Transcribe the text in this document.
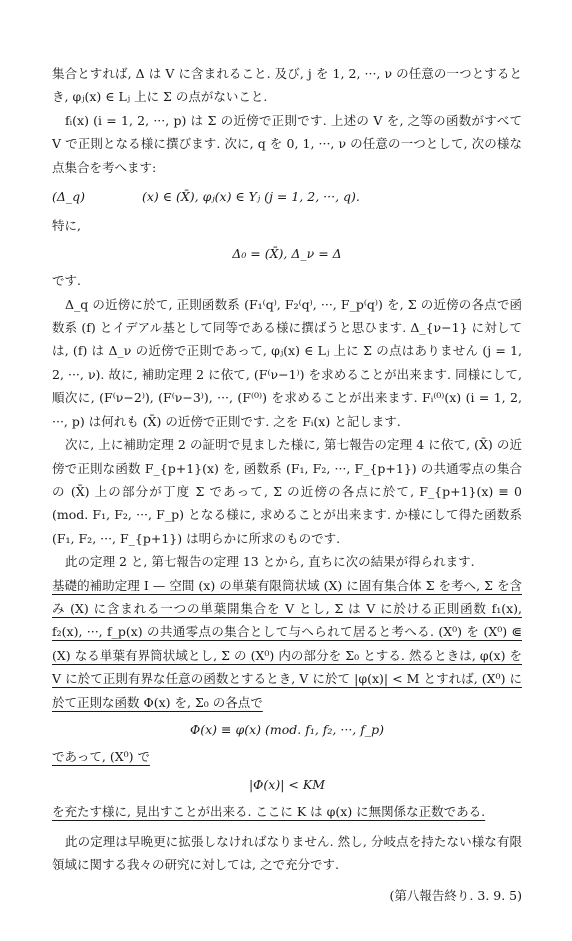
集合とすれば, Δ は V に含まれること. 及び, j を 1, 2, ···, ν の任意の一つとするとき, φⱼ(x) ∈ Lⱼ 上に Σ の点がないこと.

fᵢ(x) (i = 1, 2, ···, p) は Σ の近傍で正則です. 上述の V を, 之等の函数がすべて V で正則となる様に撰びます. 次に, q を 0, 1, ···, ν の任意の一つとして, 次の様な点集合を考へます:

(Δ_q)	(x) ∈ (X̄), φⱼ(x) ∈ Yⱼ (j = 1, 2, ···, q).

特に,

Δ₀ = (X̄), Δ_ν = Δ

です.

Δ_q の近傍に於て, 正則函数系 (F₁⁽q⁾, F₂⁽q⁾, ···, F_p⁽q⁾) を, Σ の近傍の各点で函数系 (f) とイデアル基として同等である様に撰ばうと思ひます. Δ_{ν−1} に対しては, (f) は Δ_ν の近傍で正則であって, φⱼ(x) ∈ Lⱼ 上に Σ の点はありません (j = 1, 2, ···, ν). 故に, 補助定理 2 に依て, (F⁽ν−1⁾) を求めることが出来ます. 同様にして, 順次に, (F⁽ν−2⁾), (F⁽ν−3⁾), ···, (F⁽⁰⁾) を求めることが出来ます. Fᵢ⁽⁰⁾(x) (i = 1, 2, ···, p) は何れも (X̄) の近傍で正則です. 之を Fᵢ(x) と記します.

次に, 上に補助定理 2 の証明で見ました様に, 第七報告の定理 4 に依て, (X̄) の近傍で正則な函数 F_{p+1}(x) を, 函数系 (F₁, F₂, ···, F_{p+1}) の共通零点の集合の (X̄) 上の部分が丁度 Σ であって, Σ の近傍の各点に於て, F_{p+1}(x) ≡ 0 (mod. F₁, F₂, ···, F_p) となる様に, 求めることが出来ます. か様にして得た函数系 (F₁, F₂, ···, F_{p+1}) は明らかに所求のものです.

此の定理 2 と, 第七報告の定理 13 とから, 直ちに次の結果が得られます.

基礎的補助定理 I — 空間 (x) の単葉有限筒状域 (X) に固有集合体 Σ を考へ, Σ を含み (X) に含まれる一つの単葉開集合を V とし, Σ は V に於ける正則函数 f₁(x), f₂(x), ···, f_p(x) の共通零点の集合として与へられて居ると考へる. (X⁰) を (X⁰) ⋐ (X) なる単葉有界筒状域とし, Σ の (X⁰) 内の部分を Σ₀ とする. 然るときは, φ(x) を V に於て正則有界な任意の函数とするとき, V に於て |φ(x)| < M とすれば, (X⁰) に於て正則な函数 Φ(x) を, Σ₀ の各点で

Φ(x) ≡ φ(x) (mod. f₁, f₂, ···, f_p)

であって, (X⁰) で

|Φ(x)| < KM

を充たす様に, 見出すことが出来る. ここに K は φ(x) に無関係な正数である.

此の定理は早晩更に拡張しなければなりません. 然し, 分岐点を持たない様な有限領域に関する我々の研究に対しては, 之で充分です.

(第八報告終り. 3. 9. 5)
